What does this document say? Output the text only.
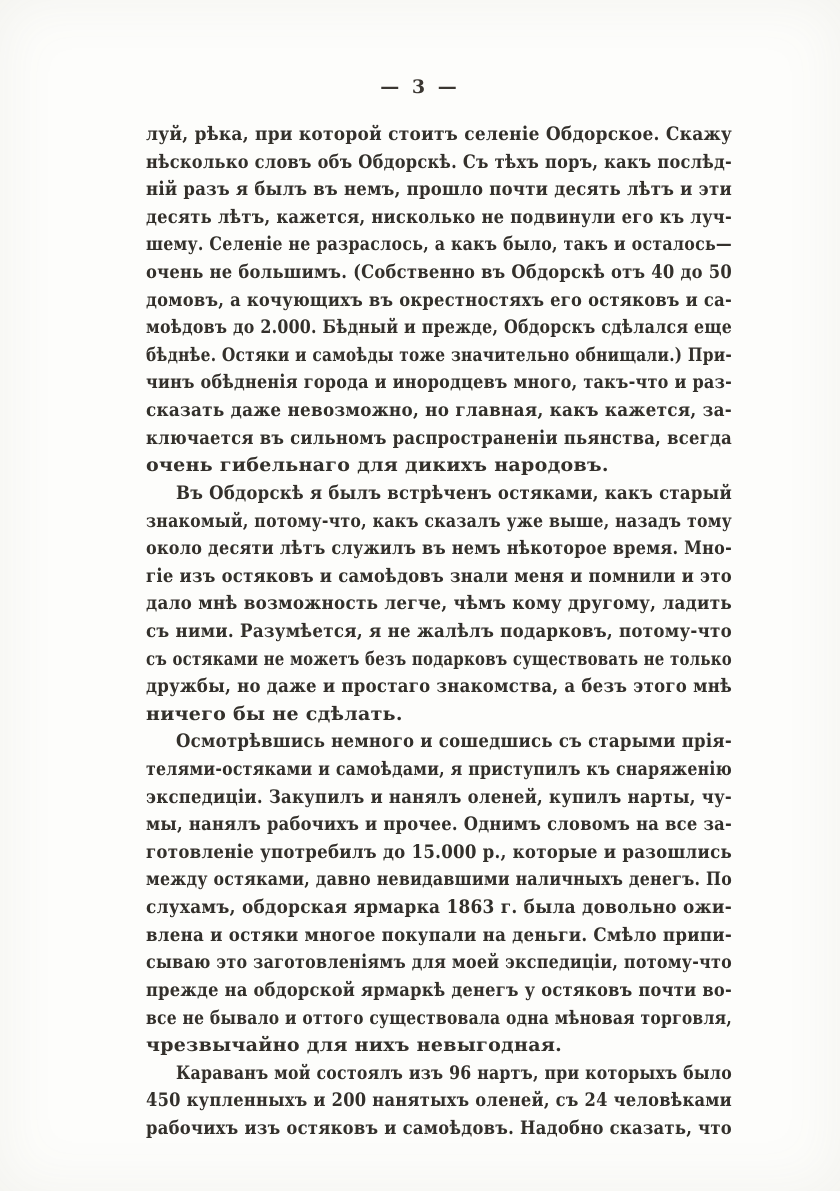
— 3 —
луй, рѣка, при которой стоитъ селеніе Обдорское. Скажу
нѣсколько словъ объ Обдорскѣ. Съ тѣхъ поръ, какъ послѣд-
ній разъ я былъ въ немъ, прошло почти десять лѣтъ и эти
десять лѣтъ, кажется, нисколько не подвинули его къ луч-
шему. Селеніе не разраслось, а какъ было, такъ и осталось—
очень не большимъ. (Собственно въ Обдорскѣ отъ 40 до 50
домовъ, а кочующихъ въ окрестностяхъ его остяковъ и са-
моѣдовъ до 2.000. Бѣдный и прежде, Обдорскъ сдѣлался еще
бѣднѣе. Остяки и самоѣды тоже значительно обнищали.) При-
чинъ обѣдненія города и инородцевъ много, такъ-что и раз-
сказать даже невозможно, но главная, какъ кажется, за-
ключается въ сильномъ распространеніи пьянства, всегда
очень гибельнаго для дикихъ народовъ.
Въ Обдорскѣ я былъ встрѣченъ остяками, какъ старый
знакомый, потому-что, какъ сказалъ уже выше, назадъ тому
около десяти лѣтъ служилъ въ немъ нѣкоторое время. Мно-
гіе изъ остяковъ и самоѣдовъ знали меня и помнили и это
дало мнѣ возможность легче, чѣмъ кому другому, ладить
съ ними. Разумѣется, я не жалѣлъ подарковъ, потому-что
съ остяками не можетъ безъ подарковъ существовать не только
дружбы, но даже и простаго знакомства, а безъ этого мнѣ
ничего бы не сдѣлать.
Осмотрѣвшись немного и сошедшись съ старыми прія-
телями-остяками и самоѣдами, я приступилъ къ снаряженію
экспедиціи. Закупилъ и нанялъ оленей, купилъ нарты, чу-
мы, нанялъ рабочихъ и прочее. Однимъ словомъ на все за-
готовленіе употребилъ до 15.000 р., которые и разошлись
между остяками, давно невидавшими наличныхъ денегъ. По
слухамъ, обдорская ярмарка 1863 г. была довольно ожи-
влена и остяки многое покупали на деньги. Смѣло припи-
сываю это заготовленіямъ для моей экспедиціи, потому-что
прежде на обдорской ярмаркѣ денегъ у остяковъ почти во-
все не бывало и оттого существовала одна мѣновая торговля,
чрезвычайно для нихъ невыгодная.
Караванъ мой состоялъ изъ 96 нартъ, при которыхъ было
450 купленныхъ и 200 нанятыхъ оленей, съ 24 человѣками
рабочихъ изъ остяковъ и самоѣдовъ. Надобно сказать, что
